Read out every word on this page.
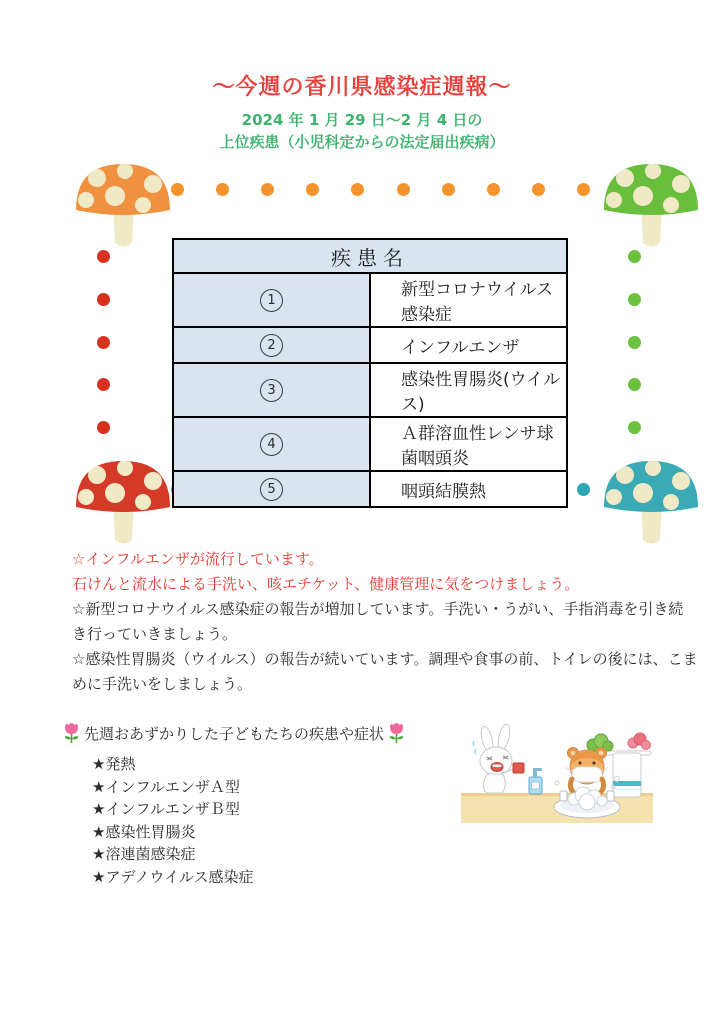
～今週の香川県感染症週報～
2024 年 1 月 29 日～2 月 4 日の
上位疾患（小児科定からの法定届出疾病）
疾患名	
1	新型コロナウイルス感染症
2	インフルエンザ
3	感染性胃腸炎(ウイルス)
4	Ａ群溶血性レンサ球菌咽頭炎
5	咽頭結膜熱
☆インフルエンザが流行しています。
石けんと流水による手洗い、咳エチケット、健康管理に気をつけましょう。
☆新型コロナウイルス感染症の報告が増加しています。手洗い・うがい、手指消毒を引き続き行っていきましょう。
☆感染性胃腸炎（ウイルス）の報告が続いています。調理や食事の前、トイレの後には、こまめに手洗いをしましょう。
先週おあずかりした子どもたちの疾患や症状
★発熱
★インフルエンザＡ型
★インフルエンザＢ型
★感染性胃腸炎
★溶連菌感染症
★アデノウイルス感染症
